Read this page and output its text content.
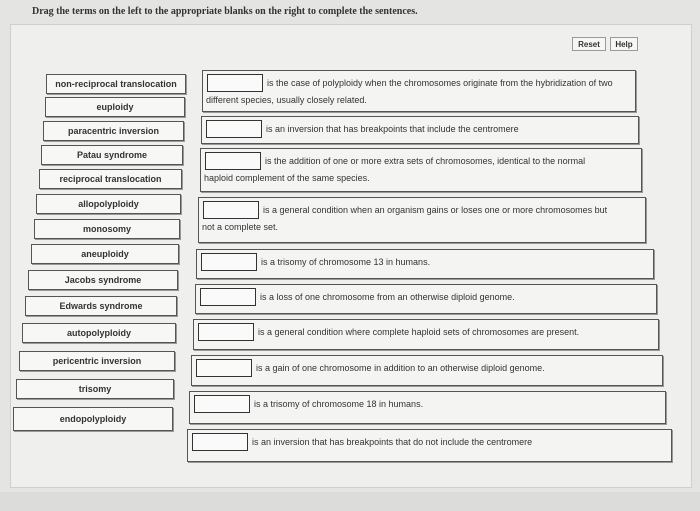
Drag the terms on the left to the appropriate blanks on the right to complete the sentences.
Reset	Help
non-reciprocal translocation
euploidy
paracentric inversion
Patau syndrome
reciprocal translocation
allopolyploidy
monosomy
aneuploidy
Jacobs syndrome
Edwards syndrome
autopolyploidy
pericentric inversion
trisomy
endopolyploidy
is the case of polyploidy when the chromosomes originate from the hybridization of two
different species, usually closely related.
is an inversion that has breakpoints that include the centromere
is the addition of one or more extra sets of chromosomes, identical to the normal
haploid complement of the same species.
is a general condition when an organism gains or loses one or more chromosomes but
not a complete set.
is a trisomy of chromosome 13 in humans.
is a loss of one chromosome from an otherwise diploid genome.
is a general condition where complete haploid sets of chromosomes are present.
is a gain of one chromosome in addition to an otherwise diploid genome.
is a trisomy of chromosome 18 in humans.
is an inversion that has breakpoints that do not include the centromere
